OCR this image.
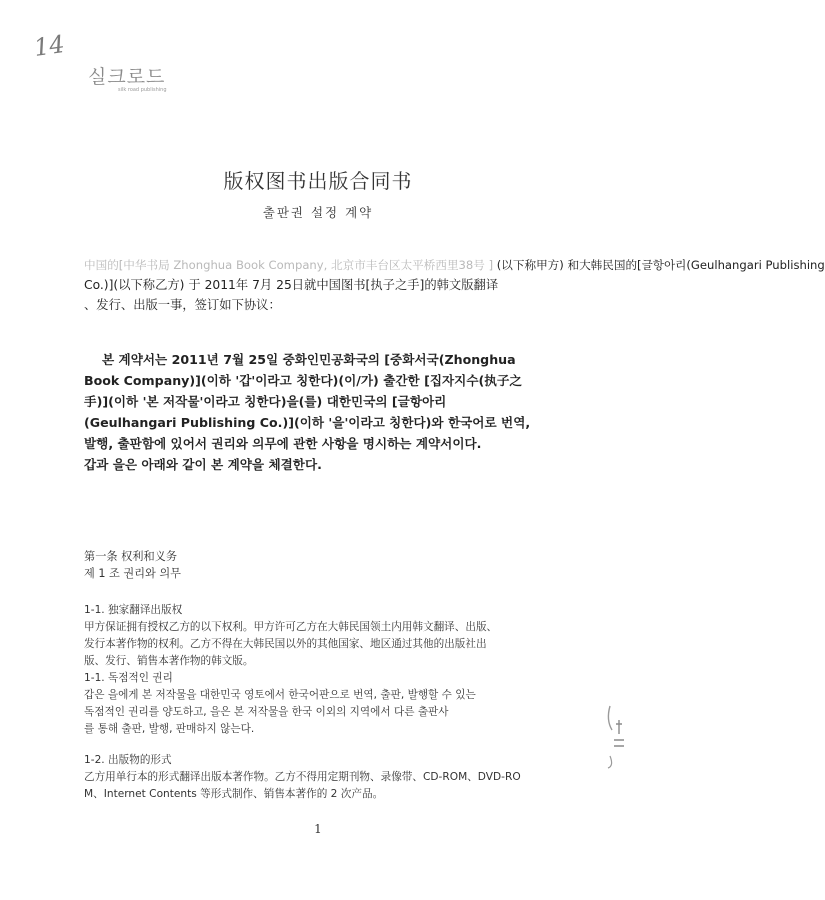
14
실크로드
silk road publishing
版权图书出版合同书
출판권 설정 계약
中国的[中华书局 Zhonghua Book Company, 北京市丰台区太平桥西里38号 ] (以下称甲方) 和大韩民国的[글항아리(Geulhangari Publishing
Co.)](以下称乙方) 于 2011年 7月 25日就中国图书[执子之手]的韩文版翻译
、发行、出版一事，签订如下协议：
본 계약서는 2011년 7월 25일 중화인민공화국의 [중화서국(Zhonghua
Book Company)](이하 '갑'이라고 칭한다)(이/가) 출간한 [집자지수(执子之
手)](이하 '본 저작물'이라고 칭한다)을(를) 대한민국의 [글항아리
(Geulhangari Publishing Co.)](이하 '을'이라고 칭한다)와 한국어로 번역,
발행, 출판함에 있어서 권리와 의무에 관한 사항을 명시하는 계약서이다.
갑과 을은 아래와 같이 본 계약을 체결한다.
第一条 权利和义务
제 1 조 권리와 의무
1-1. 独家翻译出版权
甲方保证拥有授权乙方的以下权利。甲方许可乙方在大韩民国领土内用韩文翻译、出版、
发行本著作物的权利。乙方不得在大韩民国以外的其他国家、地区通过其他的出版社出
版、发行、销售本著作物的韩文版。
1-1. 독점적인 권리
갑은 을에게 본 저작물을 대한민국 영토에서 한국어판으로 번역, 출판, 발행할 수 있는
독점적인 권리를 양도하고, 을은 본 저작물을 한국 이외의 지역에서 다른 출판사
를 통해 출판, 발행, 판매하지 않는다.
1-2. 出版物的形式
乙方用单行本的形式翻译出版本著作物。乙方不得用定期刊物、录像带、CD-ROM、DVD-RO
M、Internet Contents 等形式制作、销售本著作的 2 次产品。
1
